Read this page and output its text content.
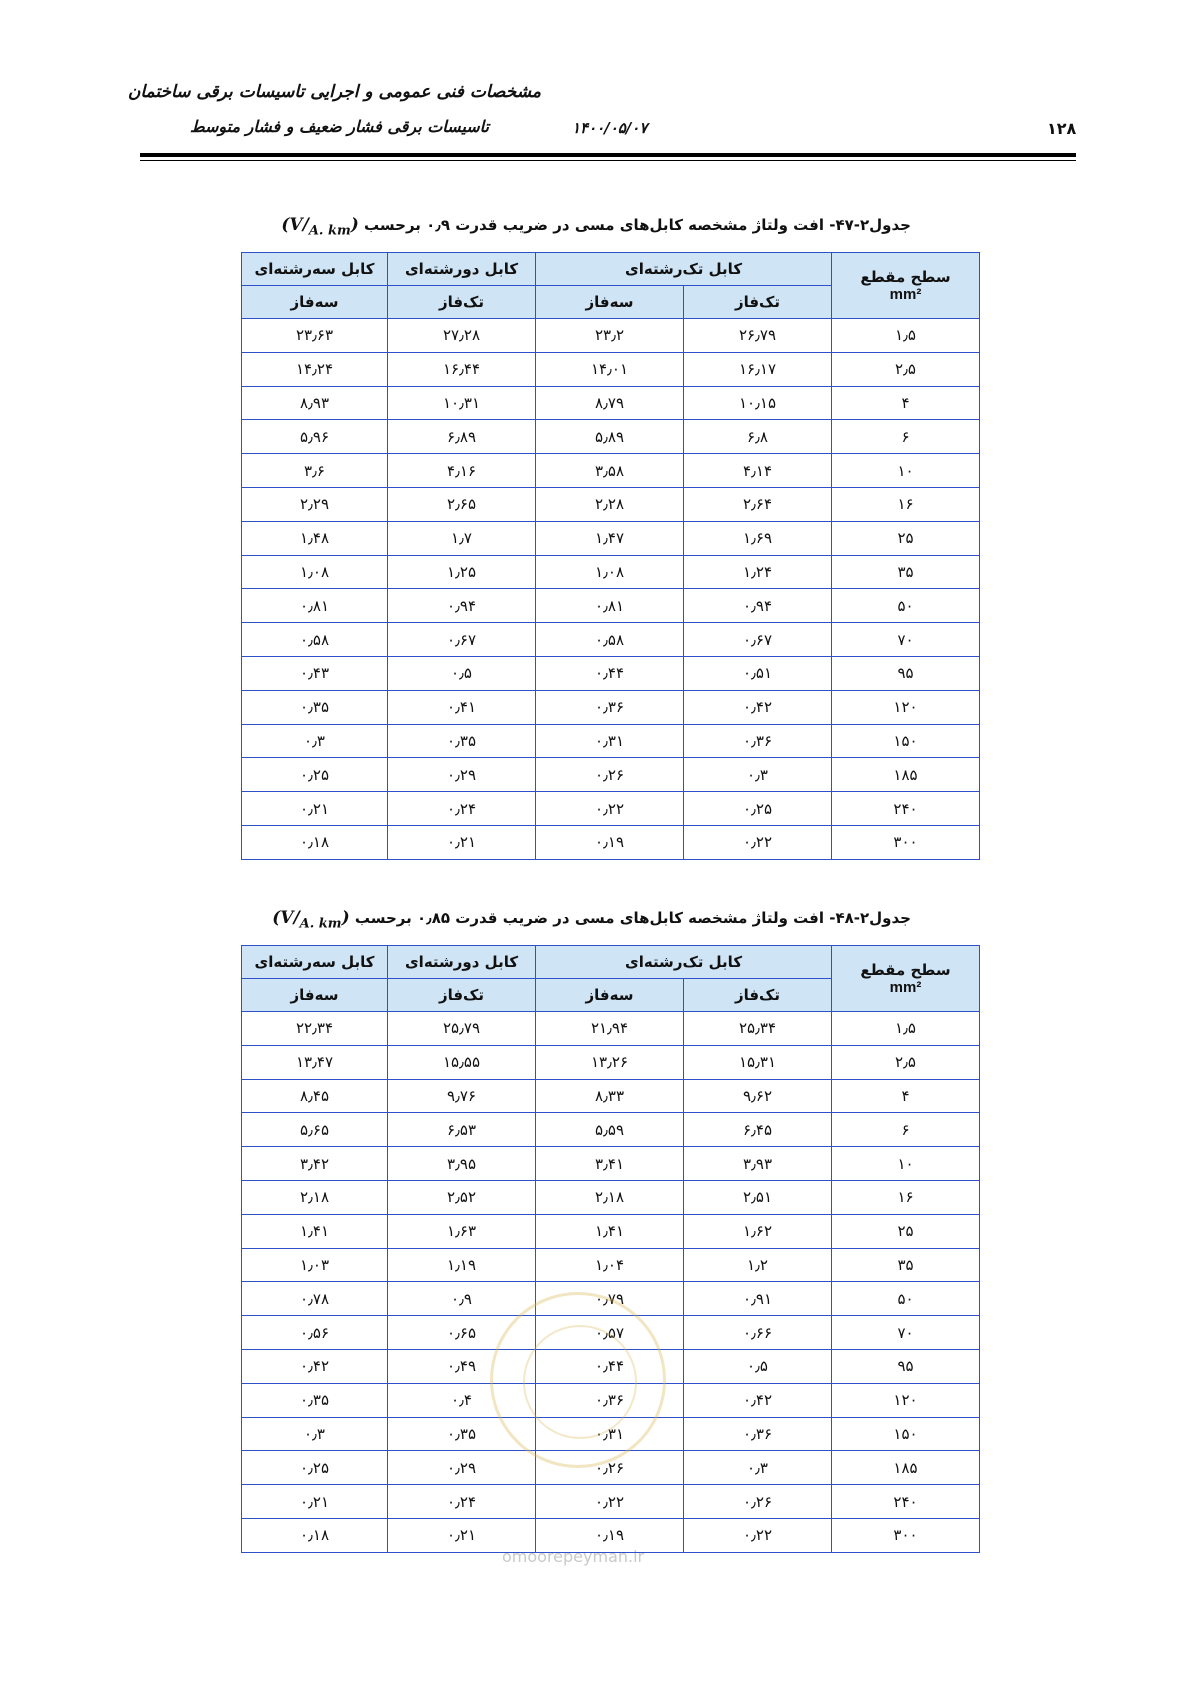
مشخصات فنی عمومی و اجرایی تاسیسات برقی ساختمان
تاسیسات برقی فشار ضعیف و فشار متوسط	۱۴۰۰/۰۵/۰۷	۱۲۸
جدول۲-۴۷- افت ولتاژ مشخصه کابل‌های مسی در ضریب قدرت ۰٫۹ برحسب $(V/_{A. km})$
سطح مقطع
mm²	کابل تک‌رشته‌ای		کابل دورشته‌ای	کابل سه‌رشته‌ای
	تک‌فاز	سه‌فاز	تک‌فاز	سه‌فاز
۱٫۵	۲۶٫۷۹	۲۳٫۲	۲۷٫۲۸	۲۳٫۶۳
۲٫۵	۱۶٫۱۷	۱۴٫۰۱	۱۶٫۴۴	۱۴٫۲۴
۴	۱۰٫۱۵	۸٫۷۹	۱۰٫۳۱	۸٫۹۳
۶	۶٫۸	۵٫۸۹	۶٫۸۹	۵٫۹۶
۱۰	۴٫۱۴	۳٫۵۸	۴٫۱۶	۳٫۶
۱۶	۲٫۶۴	۲٫۲۸	۲٫۶۵	۲٫۲۹
۲۵	۱٫۶۹	۱٫۴۷	۱٫۷	۱٫۴۸
۳۵	۱٫۲۴	۱٫۰۸	۱٫۲۵	۱٫۰۸
۵۰	۰٫۹۴	۰٫۸۱	۰٫۹۴	۰٫۸۱
۷۰	۰٫۶۷	۰٫۵۸	۰٫۶۷	۰٫۵۸
۹۵	۰٫۵۱	۰٫۴۴	۰٫۵	۰٫۴۳
۱۲۰	۰٫۴۲	۰٫۳۶	۰٫۴۱	۰٫۳۵
۱۵۰	۰٫۳۶	۰٫۳۱	۰٫۳۵	۰٫۳
۱۸۵	۰٫۳	۰٫۲۶	۰٫۲۹	۰٫۲۵
۲۴۰	۰٫۲۵	۰٫۲۲	۰٫۲۴	۰٫۲۱
۳۰۰	۰٫۲۲	۰٫۱۹	۰٫۲۱	۰٫۱۸
جدول۲-۴۸- افت ولتاژ مشخصه کابل‌های مسی در ضریب قدرت ۰٫۸۵ برحسب $(V/_{A. km})$
سطح مقطع
mm²	کابل تک‌رشته‌ای		کابل دورشته‌ای	کابل سه‌رشته‌ای
	تک‌فاز	سه‌فاز	تک‌فاز	سه‌فاز
۱٫۵	۲۵٫۳۴	۲۱٫۹۴	۲۵٫۷۹	۲۲٫۳۴
۲٫۵	۱۵٫۳۱	۱۳٫۲۶	۱۵٫۵۵	۱۳٫۴۷
۴	۹٫۶۲	۸٫۳۳	۹٫۷۶	۸٫۴۵
۶	۶٫۴۵	۵٫۵۹	۶٫۵۳	۵٫۶۵
۱۰	۳٫۹۳	۳٫۴۱	۳٫۹۵	۳٫۴۲
۱۶	۲٫۵۱	۲٫۱۸	۲٫۵۲	۲٫۱۸
۲۵	۱٫۶۲	۱٫۴۱	۱٫۶۳	۱٫۴۱
۳۵	۱٫۲	۱٫۰۴	۱٫۱۹	۱٫۰۳
۵۰	۰٫۹۱	۰٫۷۹	۰٫۹	۰٫۷۸
۷۰	۰٫۶۶	۰٫۵۷	۰٫۶۵	۰٫۵۶
۹۵	۰٫۵	۰٫۴۴	۰٫۴۹	۰٫۴۲
۱۲۰	۰٫۴۲	۰٫۳۶	۰٫۴	۰٫۳۵
۱۵۰	۰٫۳۶	۰٫۳۱	۰٫۳۵	۰٫۳
۱۸۵	۰٫۳	۰٫۲۶	۰٫۲۹	۰٫۲۵
۲۴۰	۰٫۲۶	۰٫۲۲	۰٫۲۴	۰٫۲۱
۳۰۰	۰٫۲۲	۰٫۱۹	۰٫۲۱	۰٫۱۸
omoorepeyman.ir
